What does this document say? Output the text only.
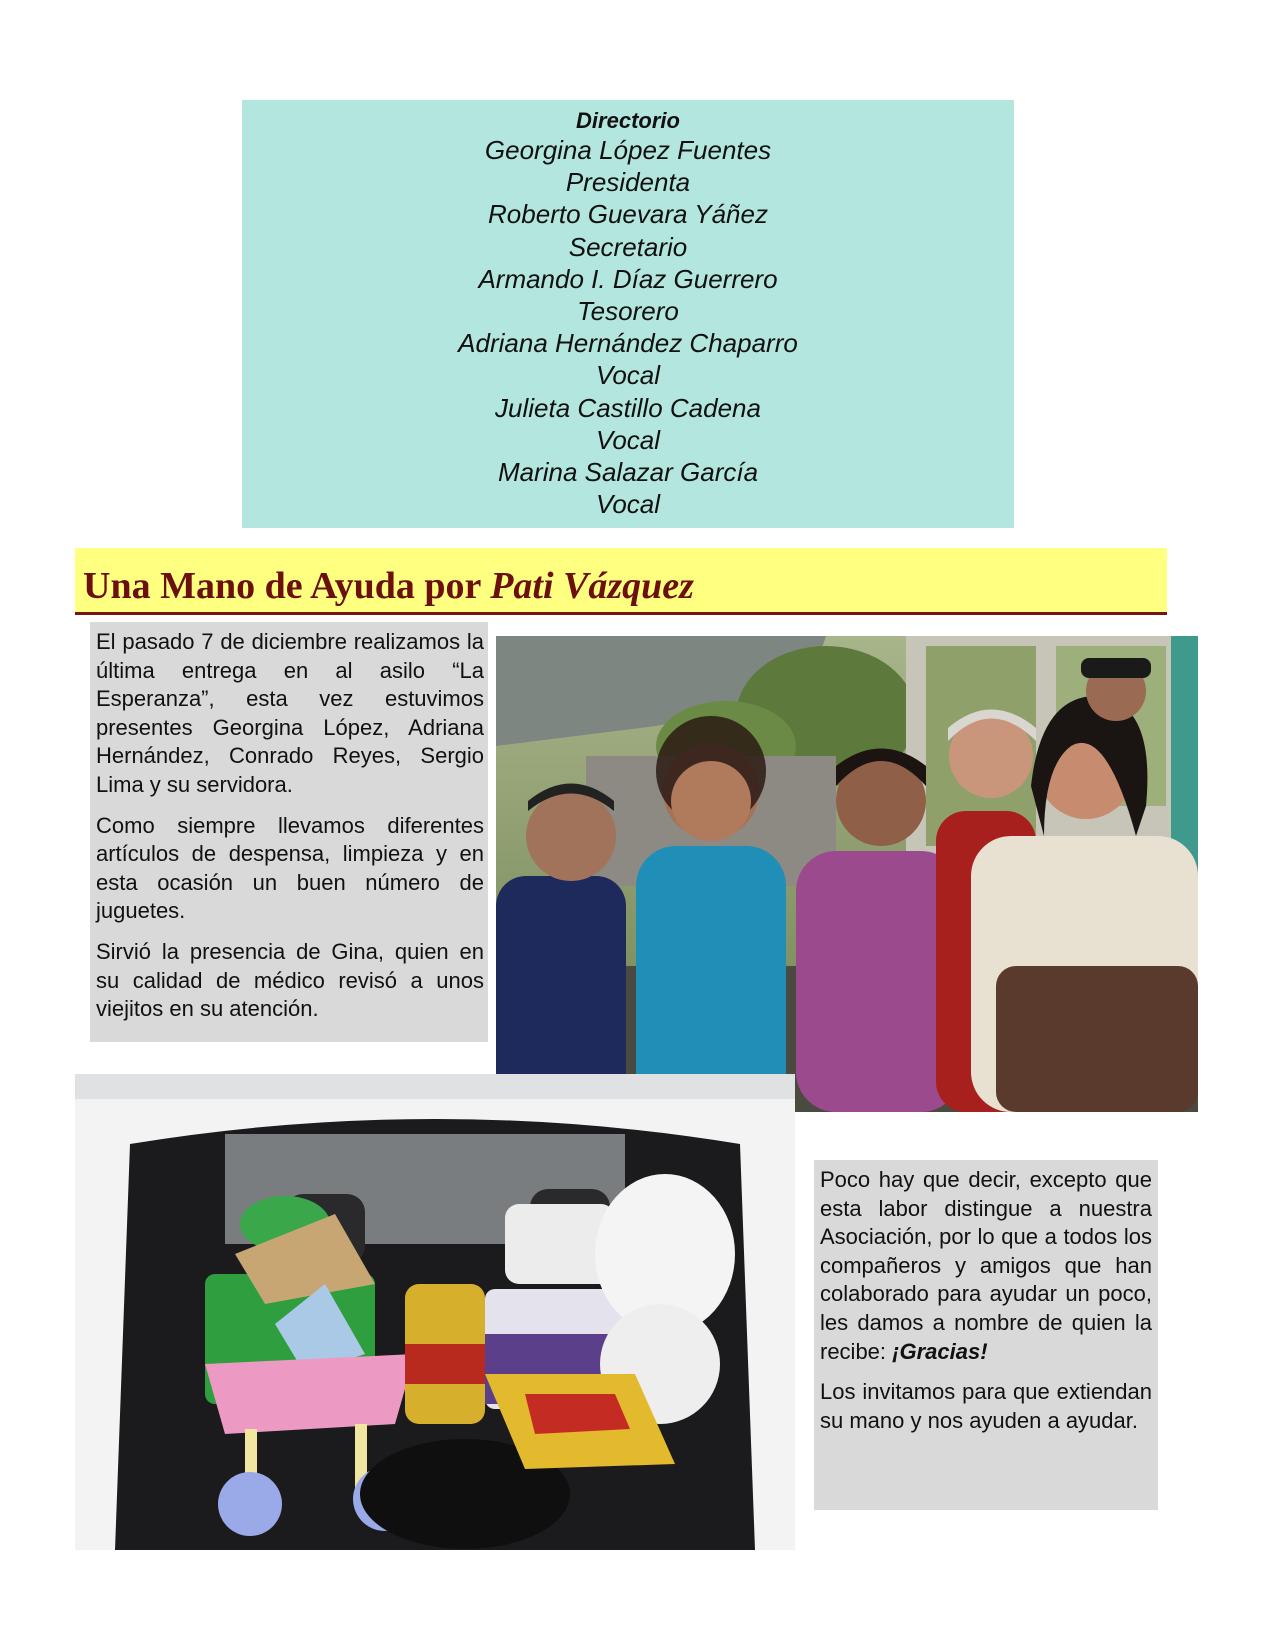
Directorio
Georgina López Fuentes
Presidenta
Roberto Guevara Yáñez
Secretario
Armando I. Díaz Guerrero
Tesorero
Adriana Hernández Chaparro
Vocal
Julieta Castillo Cadena
Vocal
Marina Salazar García
Vocal
Una Mano de Ayuda por Pati Vázquez

El pasado 7 de diciembre realizamos la última entrega en al asilo “La Esperanza”, esta vez estuvimos presentes Georgina López, Adriana Hernández, Conrado Reyes, Sergio Lima y su servidora.

Como siempre llevamos diferentes artículos de despensa, limpieza y en esta ocasión un buen número de juguetes.

Sirvió la presencia de Gina, quien en su calidad de médico revisó a unos viejitos en su atención.

Poco hay que decir, excepto que esta labor distingue a nuestra Asociación, por lo que a todos los compañeros y amigos que han colaborado para ayudar un poco, les damos a nombre de quien la recibe: ¡Gracias!

Los invitamos para que extiendan su mano y nos ayuden a ayudar.
